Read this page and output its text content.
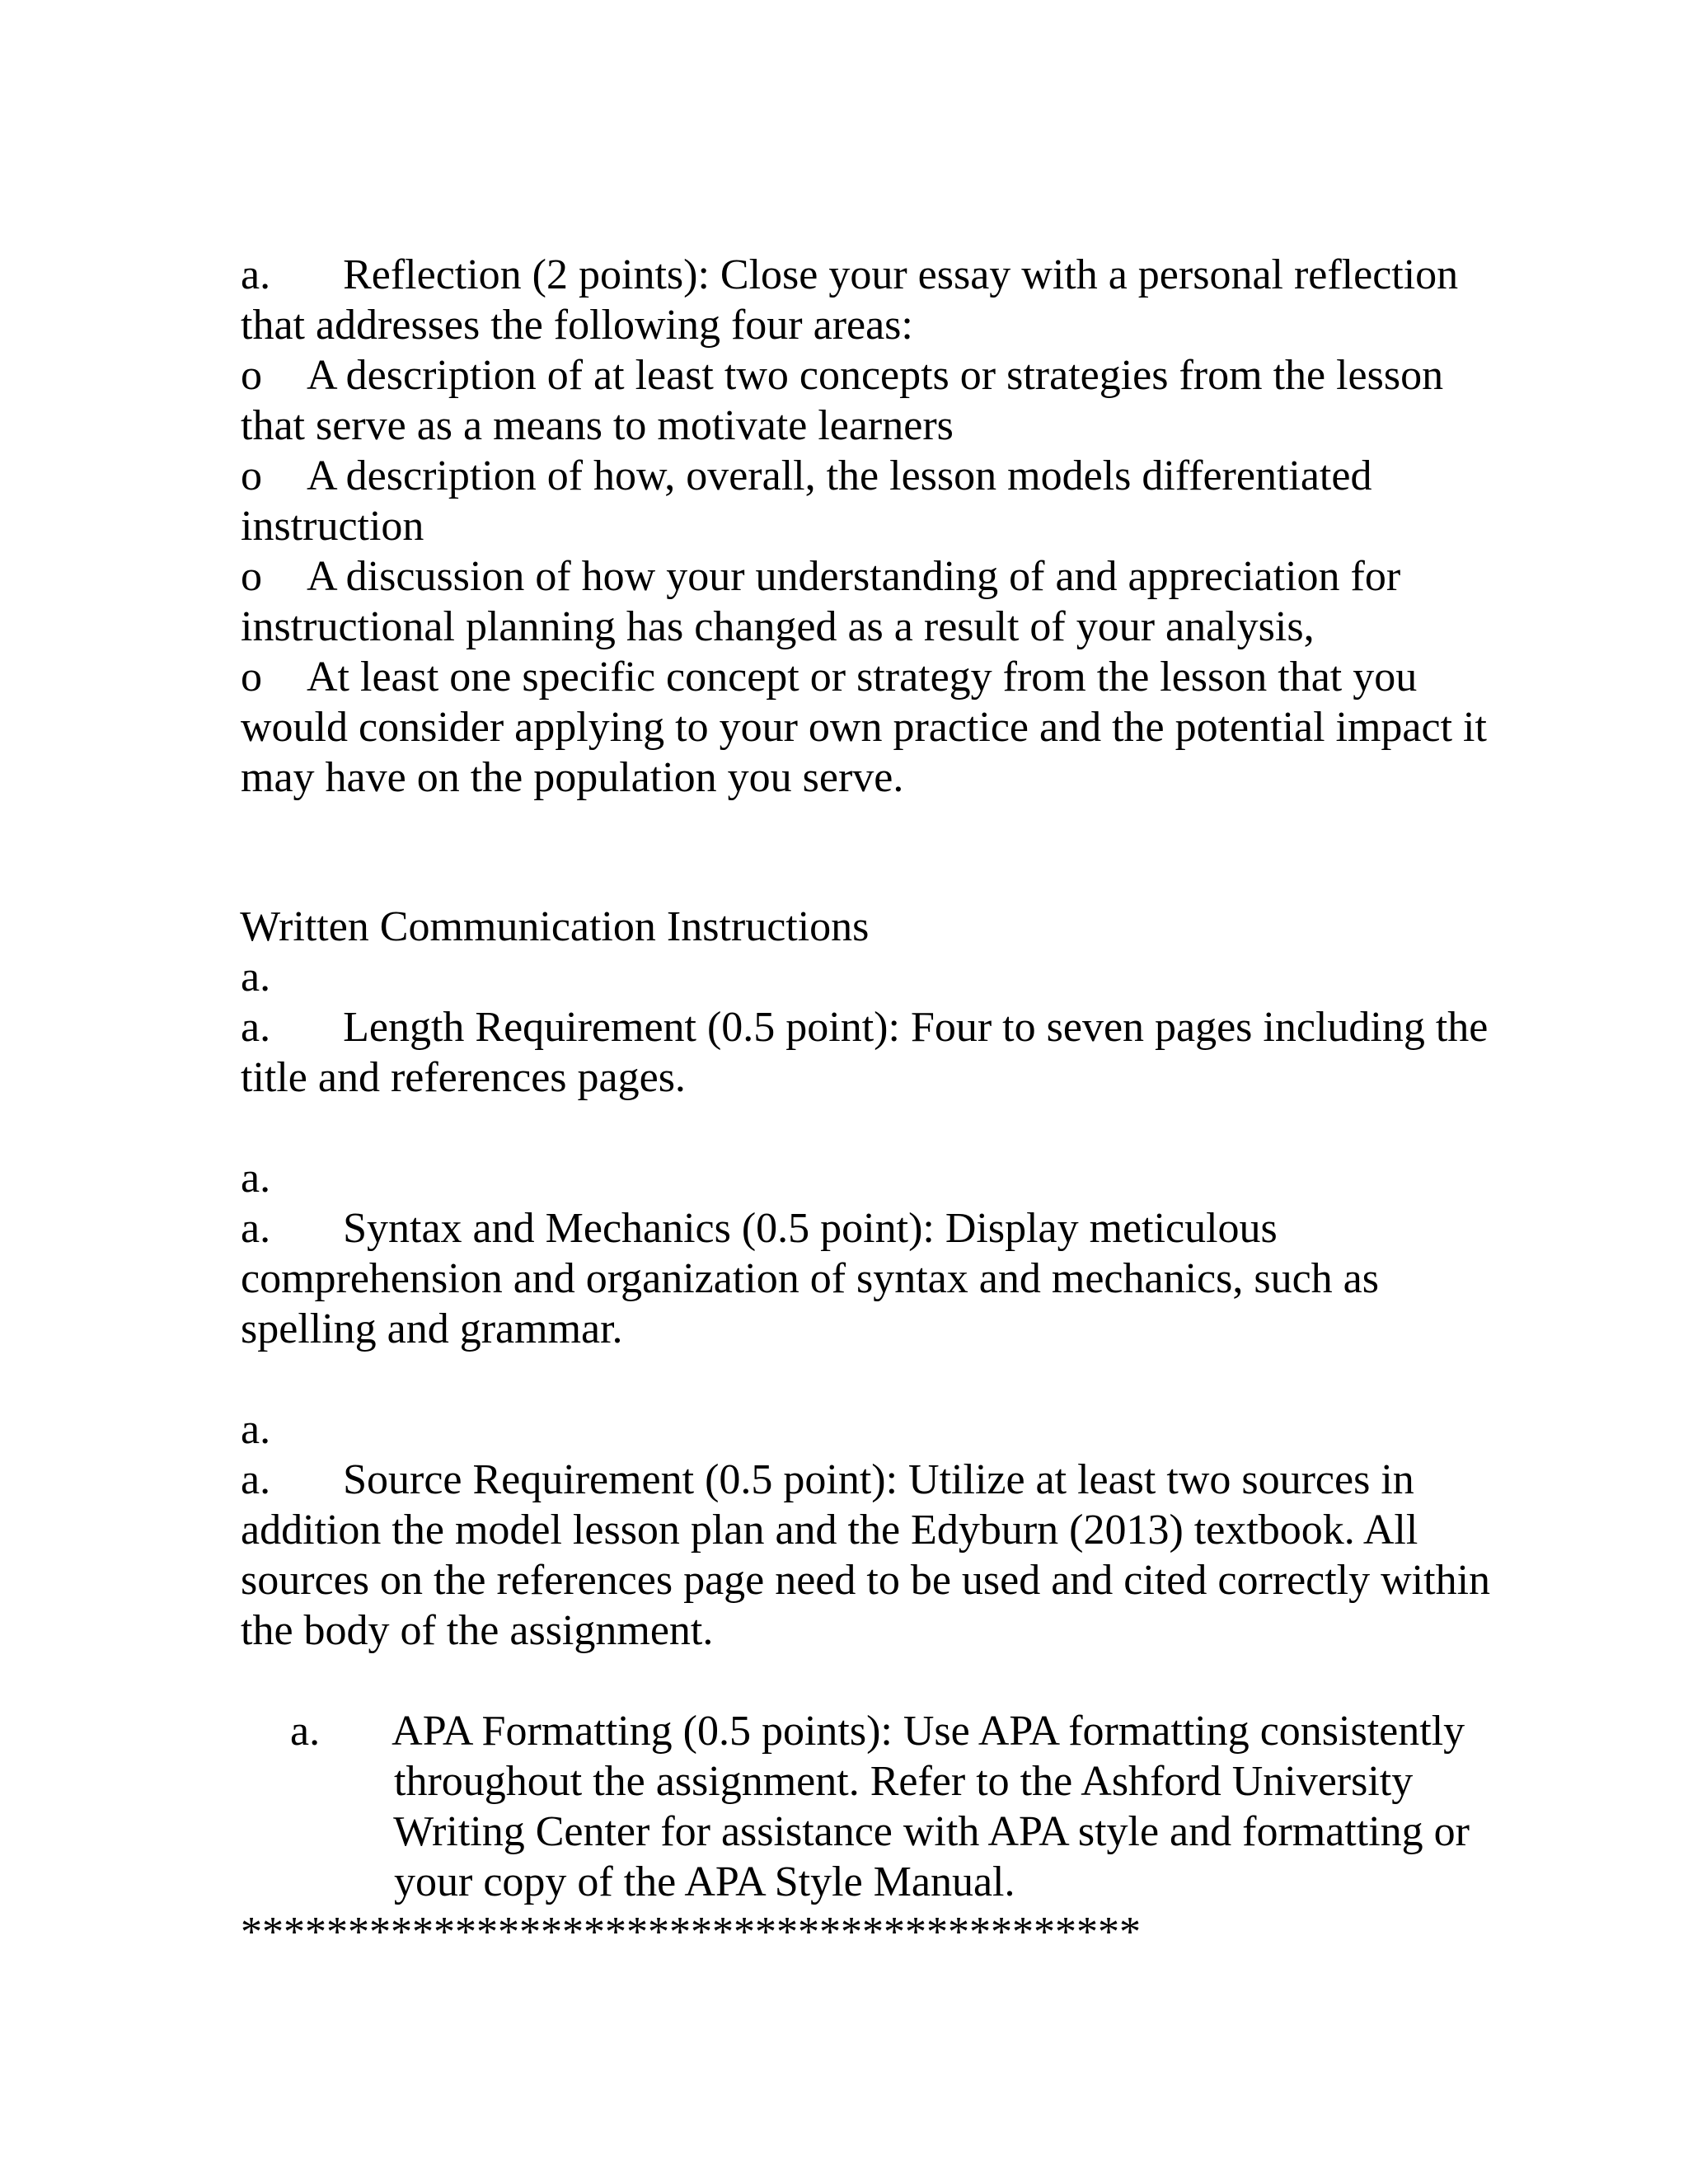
a. Reflection (2 points): Close your essay with a personal reflection

that addresses the following four areas:

o A description of at least two concepts or strategies from the lesson

that serve as a means to motivate learners

o A description of how, overall, the lesson models differentiated

instruction

o A discussion of how your understanding of and appreciation for

instructional planning has changed as a result of your analysis,

o At least one specific concept or strategy from the lesson that you

would consider applying to your own practice and the potential impact it

may have on the population you serve.

Written Communication Instructions

a.

a. Length Requirement (0.5 point): Four to seven pages including the

title and references pages.

a.

a. Syntax and Mechanics (0.5 point): Display meticulous

comprehension and organization of syntax and mechanics, such as

spelling and grammar.

a.

a. Source Requirement (0.5 point): Utilize at least two sources in

addition the model lesson plan and the Edyburn (2013) textbook. All

sources on the references page need to be used and cited correctly within

the body of the assignment.

a.
	APA Formatting (0.5 points): Use APA formatting consistently

throughout the assignment. Refer to the Ashford University

Writing Center for assistance with APA style and formatting or

your copy of the APA Style Manual.

******************************************
